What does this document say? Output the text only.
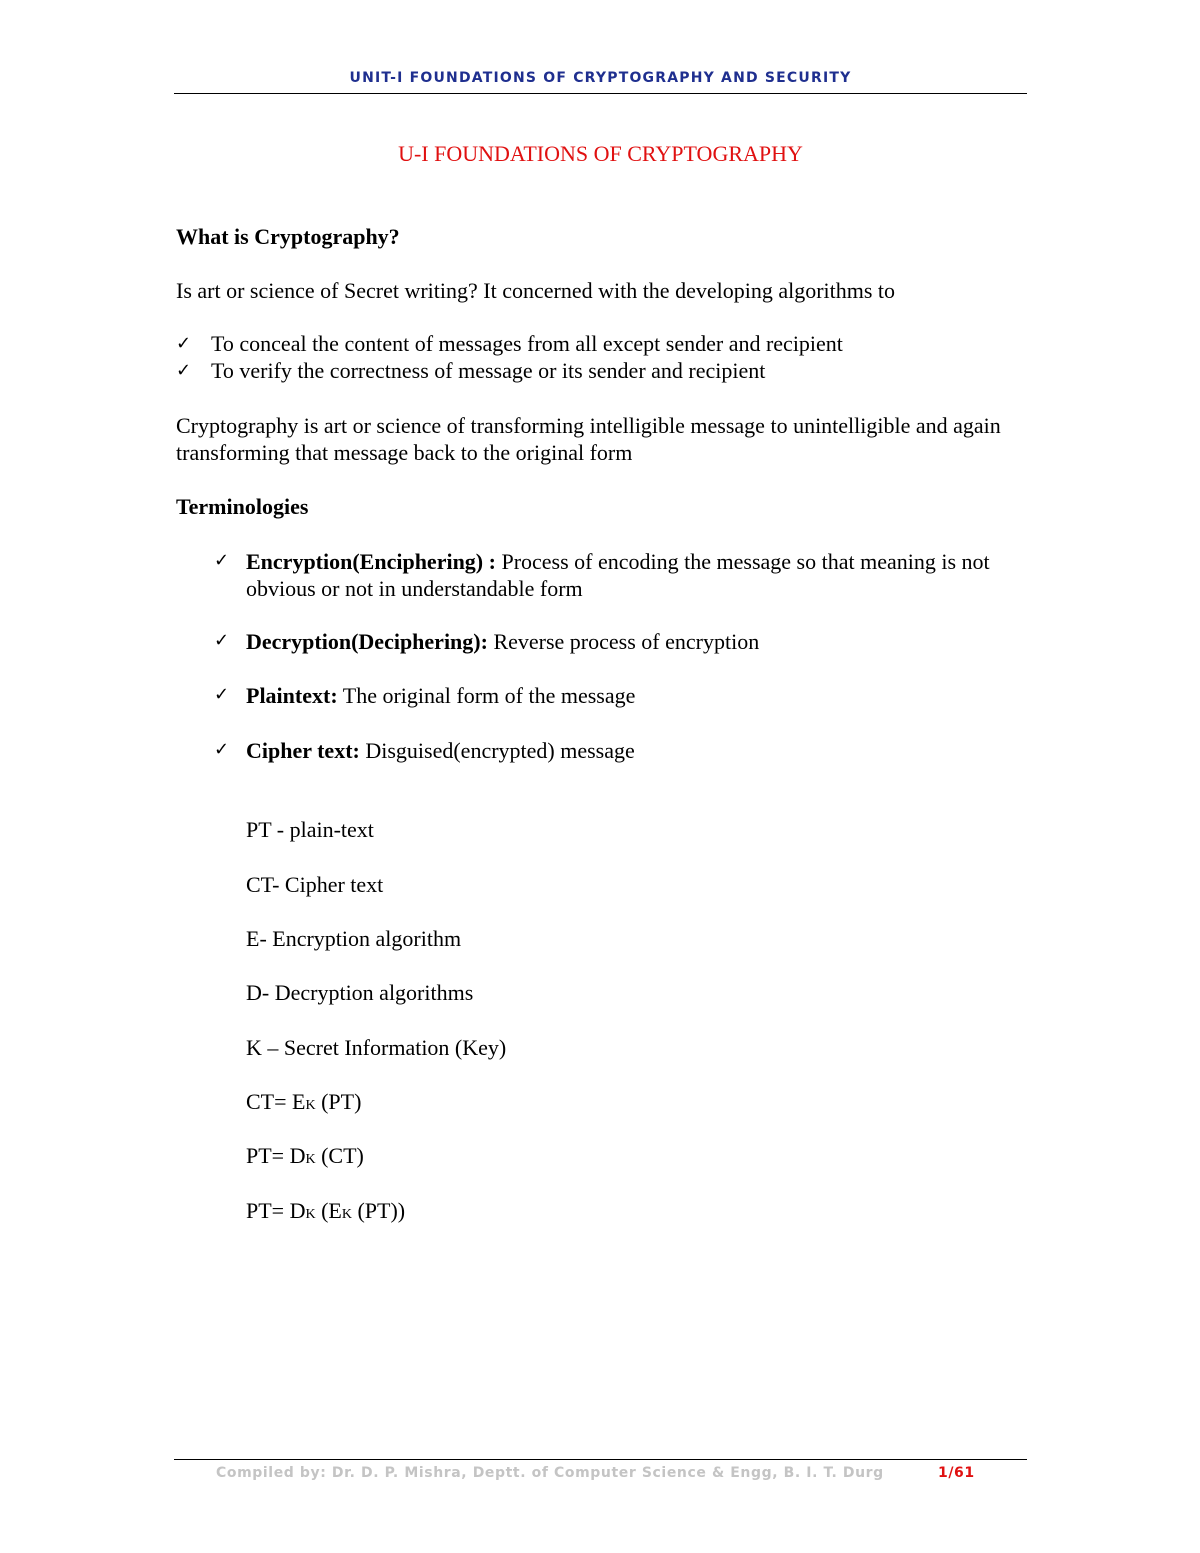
UNIT-I FOUNDATIONS OF CRYPTOGRAPHY AND SECURITY
U-I FOUNDATIONS OF CRYPTOGRAPHY
What is Cryptography?
Is art or science of Secret writing? It concerned with the developing algorithms to
✓ To conceal the content of messages from all except sender and recipient
✓ To verify the correctness of message or its sender and recipient
Cryptography is art or science of transforming intelligible message to unintelligible and again transforming that message back to the original form
Terminologies
✓ Encryption(Enciphering) : Process of encoding the message so that meaning is not obvious or not in understandable form
✓ Decryption(Deciphering): Reverse process of encryption
✓ Plaintext: The original form of the message
✓ Cipher text: Disguised(encrypted) message
PT - plain-text
CT- Cipher text
E- Encryption algorithm
D- Decryption algorithms
K – Secret Information (Key)
CT= EK (PT)
PT= DK (CT)
PT= DK (EK (PT))
Compiled by: Dr. D. P. Mishra, Deptt. of Computer Science & Engg, B. I. T. Durg	1/61
